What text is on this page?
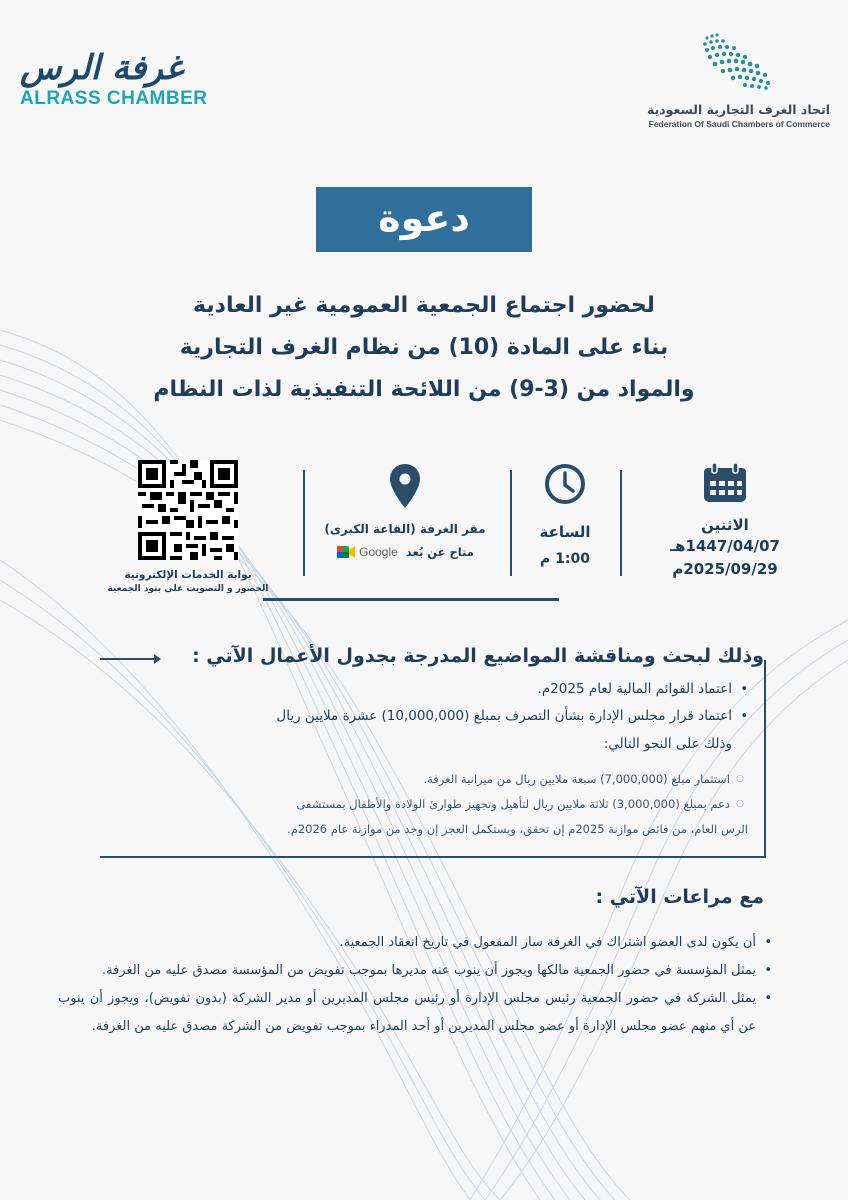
غرفة الرس
ALRASS CHAMBER
اتحاد الغرف التجارية السعودية
Federation Of Saudi Chambers of Commerce
دعوة
لحضور اجتماع الجمعية العمومية غير العادية
بناء على المادة (10) من نظام الغرف التجارية
والمواد من (3-9) من اللائحة التنفيذية لذات النظام
الاثنين
1447/04/07هـ
2025/09/29م
الساعة
1:00 م
مقر الغرفة (القاعة الكبرى)
متاح عن بُعد
Google
بوابة الخدمات الإلكترونية
الحضور و التصويت على بنود الجمعية
وذلك لبحث ومناقشة المواضيع المدرجة بجدول الأعمال الآتي :
•
اعتماد القوائم المالية لعام 2025م.
•
اعتماد قرار مجلس الإدارة بشأن التصرف بمبلغ (10,000,000) عشرة ملايين ريال
وذلك على النحو التالي:
○
استثمار مبلغ (7,000,000) سبعة ملايين ريال من ميزانية الغرفة.
○
دعم بمبلغ (3,000,000) ثلاثة ملايين ريال لتأهيل وتجهيز طوارئ الولادة والأطفال بمستشفى
الرس العام، من فائض موازنة 2025م إن تحقق، ويستكمل العجز إن وجد من موازنة عام 2026م.
مع مراعات الآتي :
•
أن يكون لدى العضو اشتراك في الغرفة سار المفعول في تاريخ انعقاد الجمعية.
•
يمثل المؤسسة في حضور الجمعية مالكها ويجوز أن ينوب عنه مديرها بموجب تفويض من المؤسسة مصدق عليه من الغرفة.
•
يمثل الشركة في حضور الجمعية رئيس مجلس الإدارة أو رئيس مجلس المديرين أو مدير الشركة (بدون تفويض)، ويجوز أن ينوب عن أي منهم عضو مجلس الإدارة أو عضو مجلس المديرين أو أحد المدراء بموجب تفويض من الشركة مصدق عليه من الغرفة.
